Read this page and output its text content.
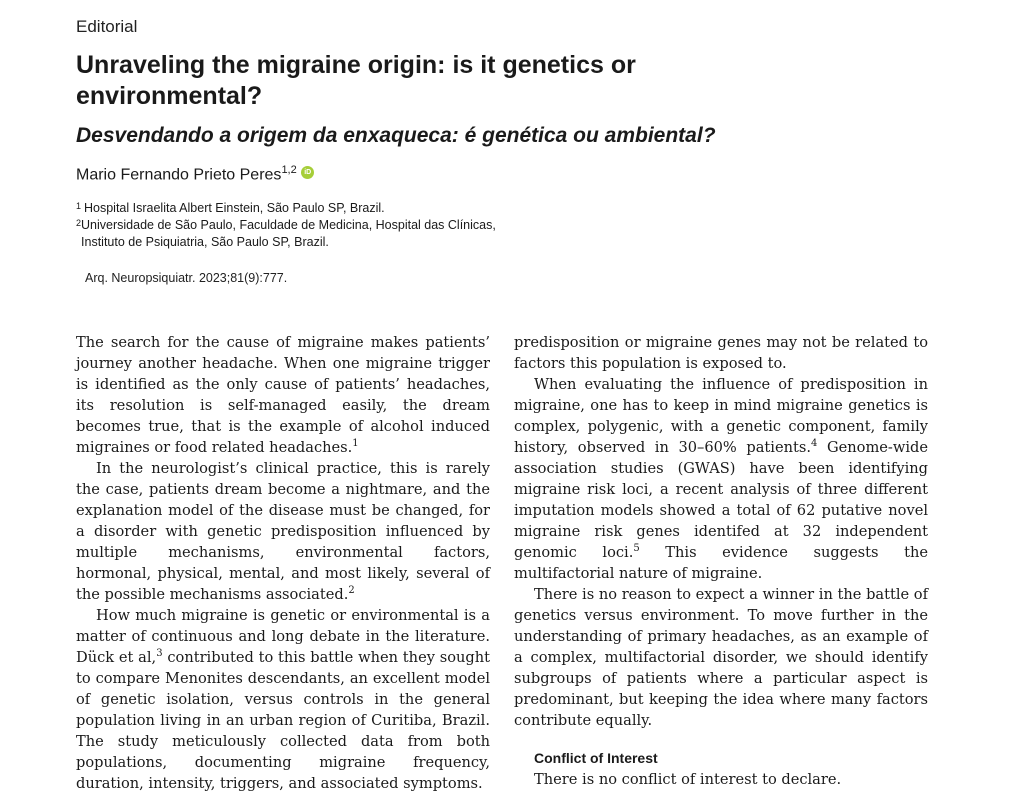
Editorial
Unraveling the migraine origin: is it genetics or environmental?
Desvendando a origem da enxaqueca: é genética ou ambiental?
Mario Fernando Prieto Peres$^{1,2}$ iD
1 Hospital Israelita Albert Einstein, São Paulo SP, Brazil.
2 Universidade de São Paulo, Faculdade de Medicina, Hospital das Clínicas, Instituto de Psiquiatria, São Paulo SP, Brazil.
Arq. Neuropsiquiatr. 2023;81(9):777.

The search for the cause of migraine makes patients’ journey another headache. When one migraine trigger is identified as the only cause of patients’ headaches, its resolution is self-managed easily, the dream becomes true, that is the example of alcohol induced migraines or food related headaches.$^1$

In the neurologist’s clinical practice, this is rarely the case, patients dream become a nightmare, and the explanation model of the disease must be changed, for a disorder with genetic predisposition influenced by multiple mechanisms, environmental factors, hormonal, physical, mental, and most likely, several of the possible mechanisms associated.$^2$

How much migraine is genetic or environmental is a matter of continuous and long debate in the literature. Dück et al,$^3$ contributed to this battle when they sought to compare Menonites descendants, an excellent model of genetic isolation, versus controls in the general population living in an urban region of Curitiba, Brazil. The study meticulously collected data from both populations, documenting migraine frequency, duration, intensity, triggers, and associated symptoms.

predisposition or migraine genes may not be related to factors this population is exposed to.

When evaluating the influence of predisposition in migraine, one has to keep in mind migraine genetics is complex, polygenic, with a genetic component, family history, observed in 30–60% patients.$^4$ Genome-wide association studies (GWAS) have been identifying migraine risk loci, a recent analysis of three different imputation models showed a total of 62 putative novel migraine risk genes identifed at 32 independent genomic loci.$^5$ This evidence suggests the multifactorial nature of migraine.

There is no reason to expect a winner in the battle of genetics versus environment. To move further in the understanding of primary headaches, as an example of a complex, multifactorial disorder, we should identify subgroups of patients where a particular aspect is predominant, but keeping the idea where many factors contribute equally.

Conflict of Interest

There is no conflict of interest to declare.
